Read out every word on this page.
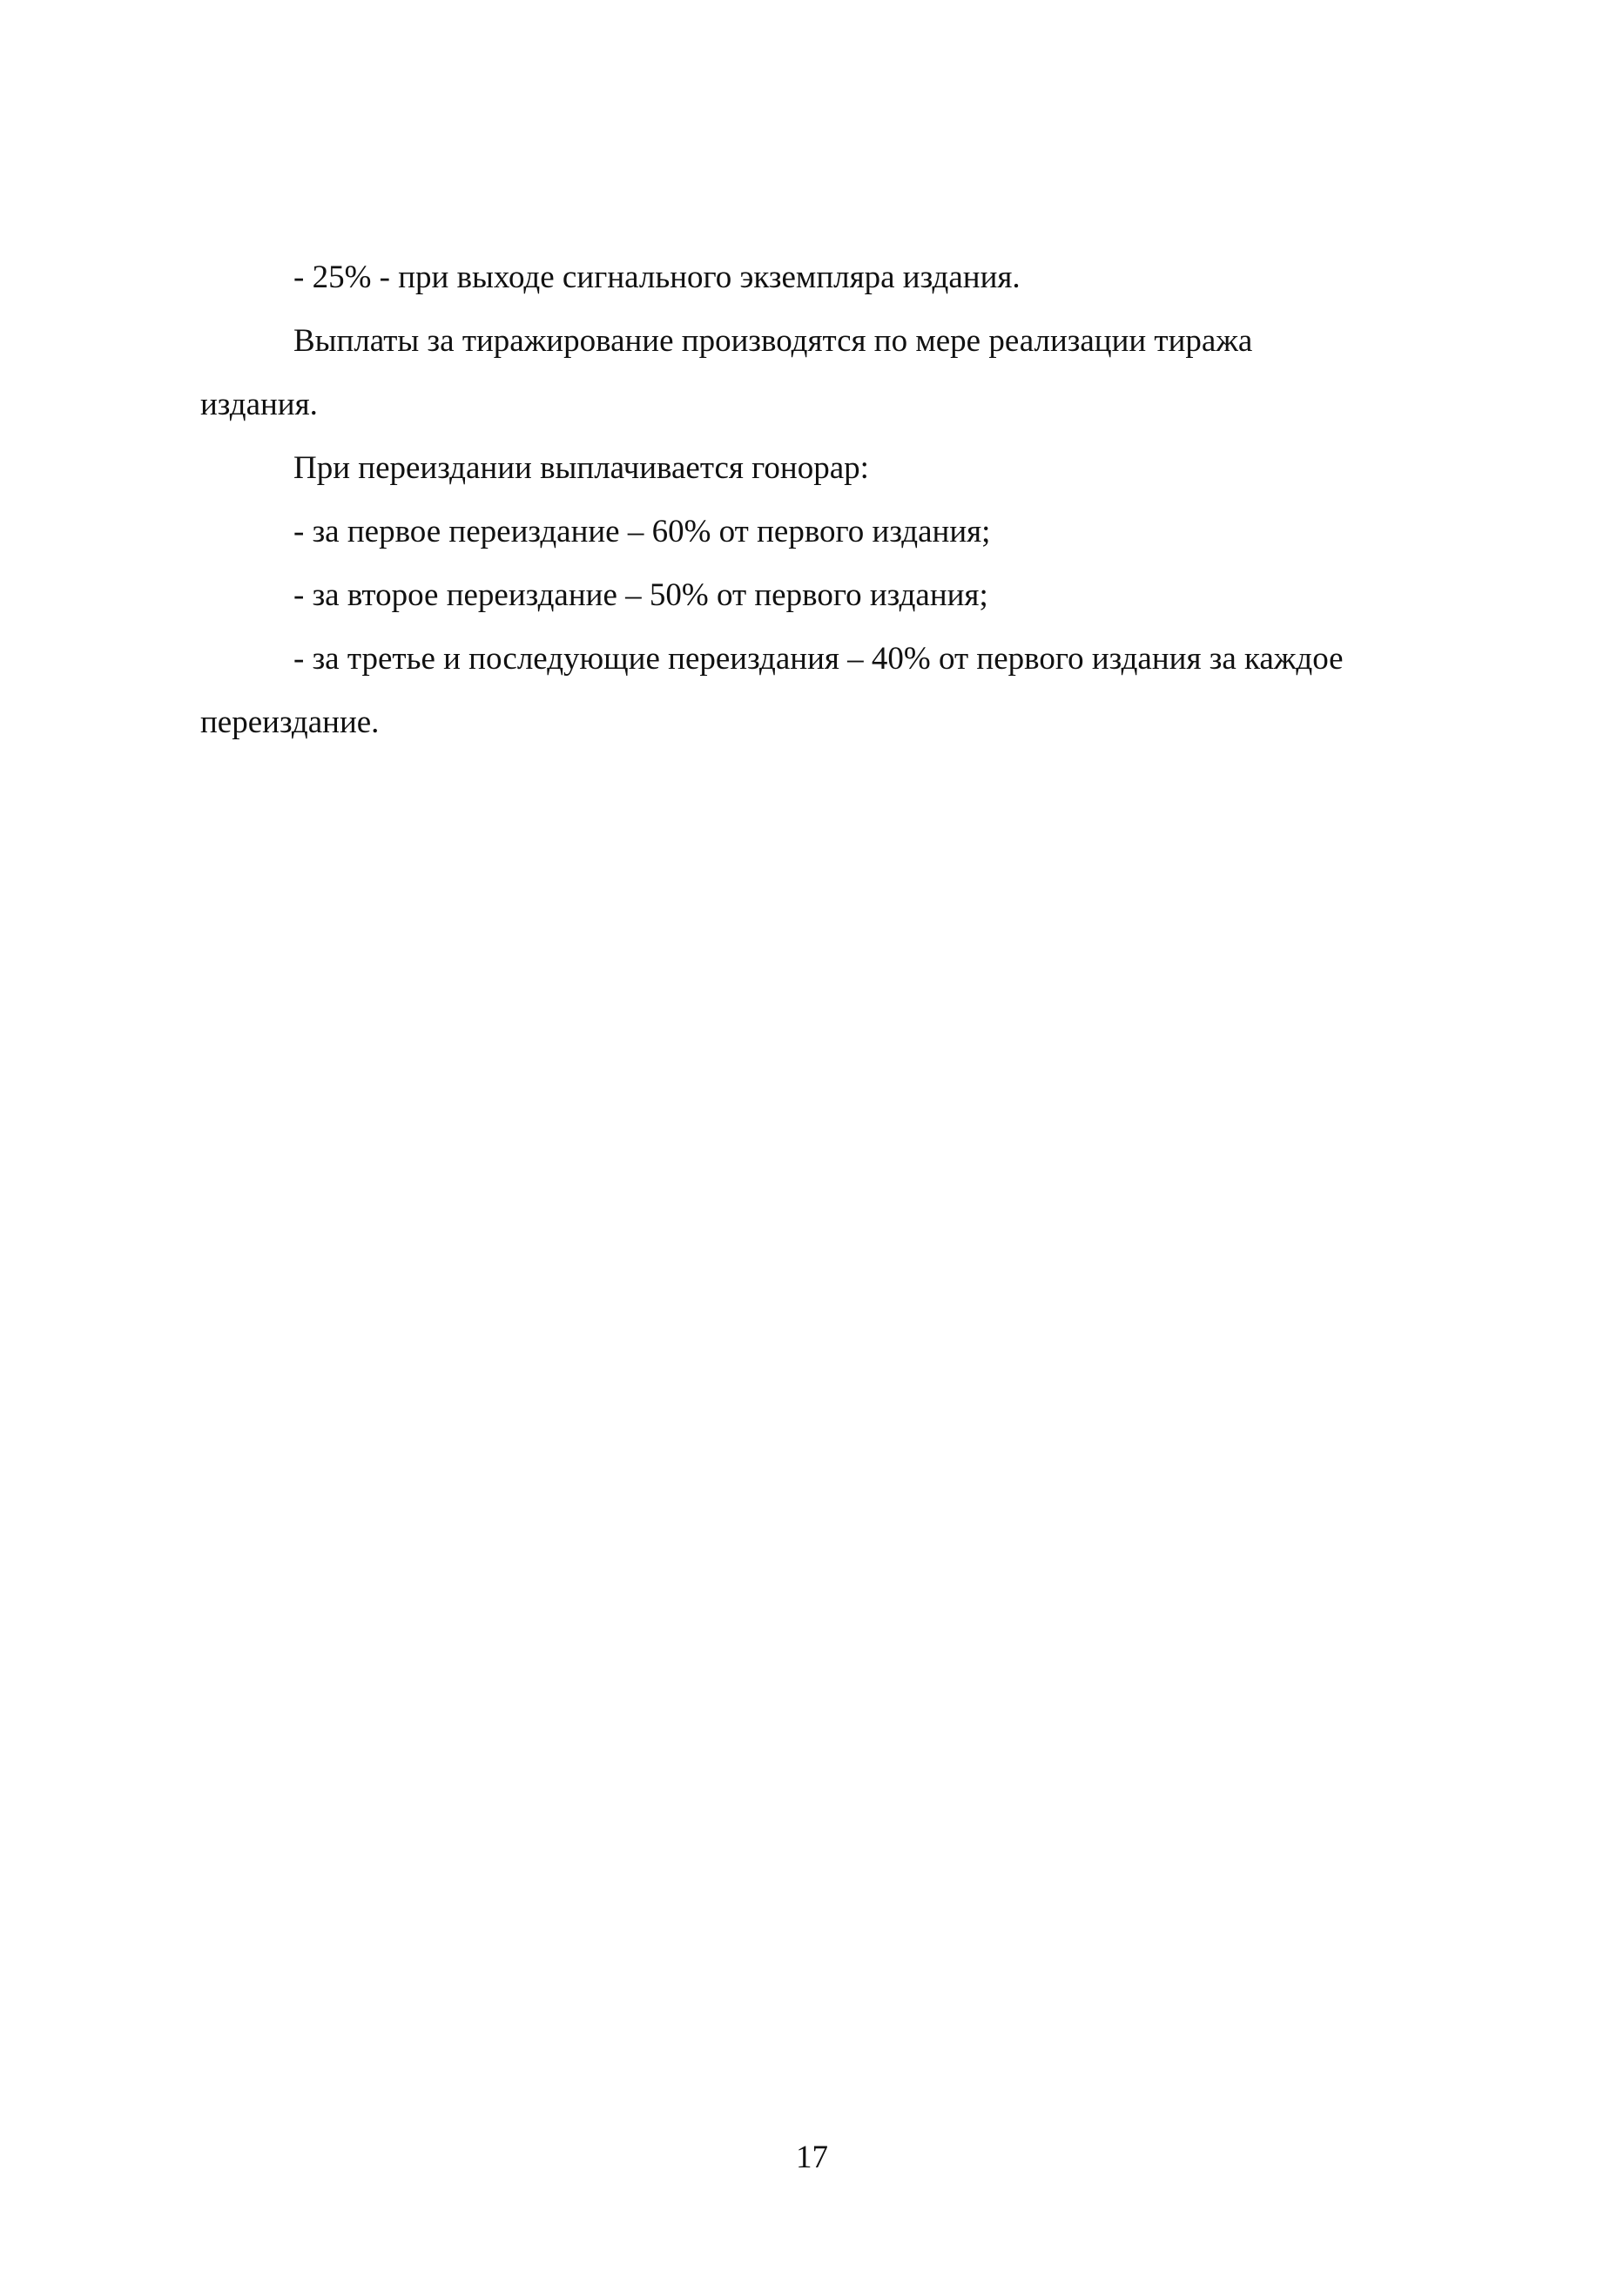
- 25% - при выходе сигнального экземпляра издания.

Выплаты за тиражирование производятся по мере реализации тиража издания.

При переиздании выплачивается гонорар:

- за первое переиздание – 60% от первого издания;

- за второе переиздание – 50% от первого издания;

- за третье и последующие переиздания – 40% от первого издания за каждое переиздание.

17
